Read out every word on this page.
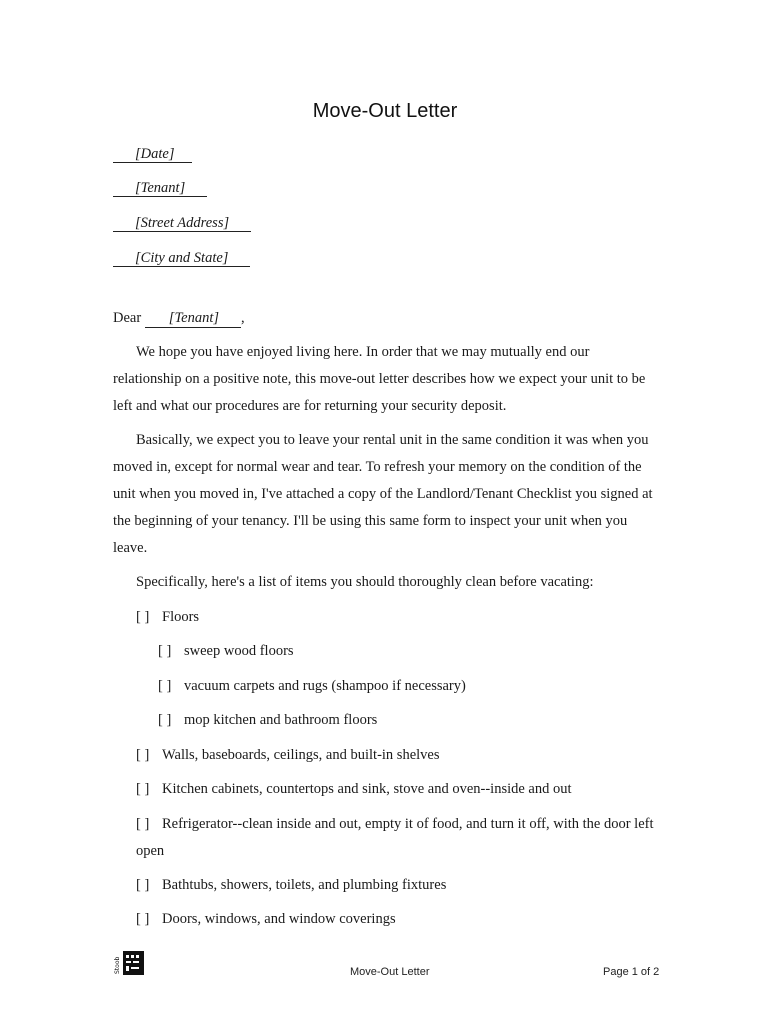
Move-Out Letter
[Date]
[Tenant]
[Street Address]
[City and State]
Dear [Tenant] ,

We hope you have enjoyed living here. In order that we may mutually end our relationship on a positive note, this move-out letter describes how we expect your unit to be left and what our procedures are for returning your security deposit.

Basically, we expect you to leave your rental unit in the same condition it was when you moved in, except for normal wear and tear. To refresh your memory on the condition of the unit when you moved in, I've attached a copy of the Landlord/Tenant Checklist you signed at the beginning of your tenancy. I'll be using this same form to inspect your unit when you leave.

Specifically, here's a list of items you should thoroughly clean before vacating:

[ ] Floors
[ ] sweep wood floors
[ ] vacuum carpets and rugs (shampoo if necessary)
[ ] mop kitchen and bathroom floors
[ ] Walls, baseboards, ceilings, and built-in shelves
[ ] Kitchen cabinets, countertops and sink, stove and oven--inside and out
[ ] Refrigerator--clean inside and out, empty it of food, and turn it off, with the door left open
[ ] Bathtubs, showers, toilets, and plumbing fixtures
[ ] Doors, windows, and window coverings
Stoob	Move-Out Letter	Page 1 of 2
